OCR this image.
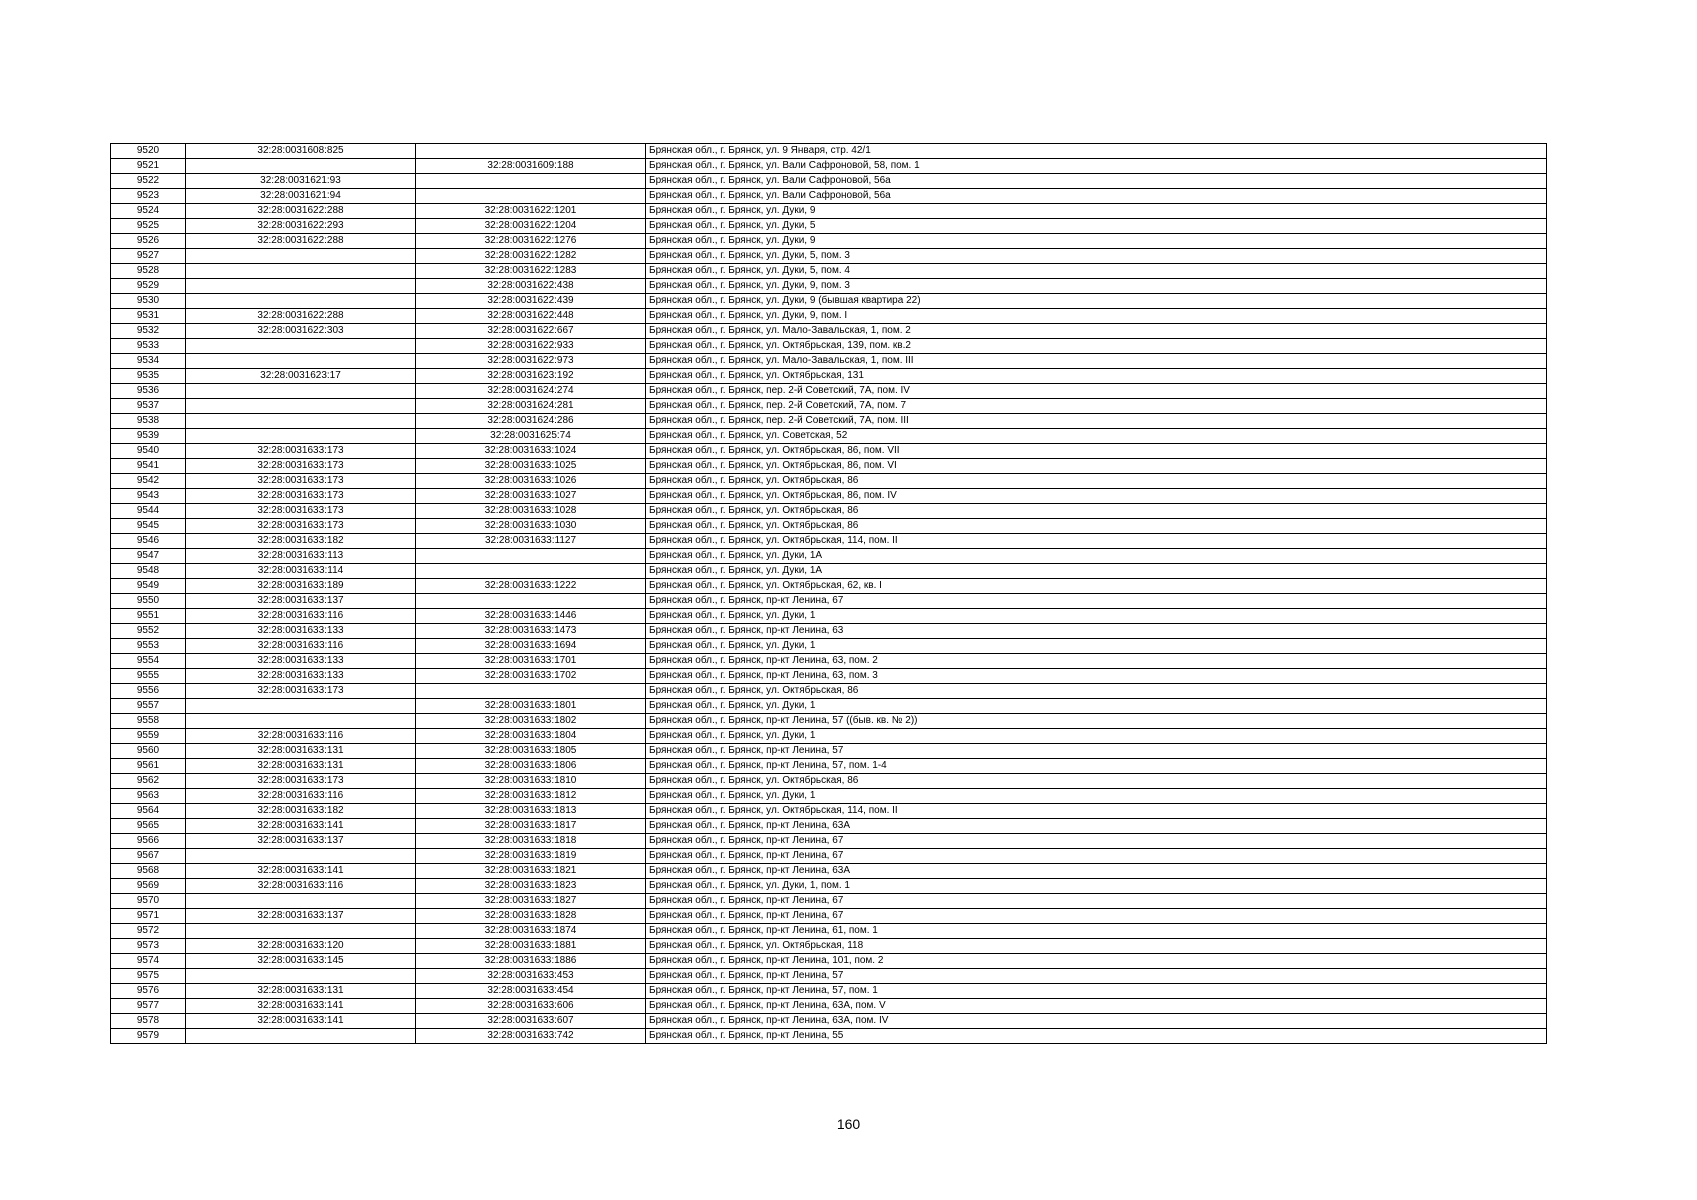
9520	32:28:0031608:825		Брянская обл., г. Брянск, ул. 9 Января, стр. 42/1
9521		32:28:0031609:188	Брянская обл., г. Брянск, ул. Вали Сафроновой, 58, пом. 1
9522	32:28:0031621:93		Брянская обл., г. Брянск, ул. Вали Сафроновой, 56а
9523	32:28:0031621:94		Брянская обл., г. Брянск, ул. Вали Сафроновой, 56а
9524	32:28:0031622:288	32:28:0031622:1201	Брянская обл., г. Брянск, ул. Дуки, 9
9525	32:28:0031622:293	32:28:0031622:1204	Брянская обл., г. Брянск, ул. Дуки, 5
9526	32:28:0031622:288	32:28:0031622:1276	Брянская обл., г. Брянск, ул. Дуки, 9
9527		32:28:0031622:1282	Брянская обл., г. Брянск, ул. Дуки, 5, пом. 3
9528		32:28:0031622:1283	Брянская обл., г. Брянск, ул. Дуки, 5, пом. 4
9529		32:28:0031622:438	Брянская обл., г. Брянск, ул. Дуки, 9, пом. 3
9530		32:28:0031622:439	Брянская обл., г. Брянск, ул. Дуки, 9 (бывшая квартира 22)
9531	32:28:0031622:288	32:28:0031622:448	Брянская обл., г. Брянск, ул. Дуки, 9, пом. I
9532	32:28:0031622:303	32:28:0031622:667	Брянская обл., г. Брянск, ул. Мало-Завальская, 1, пом. 2
9533		32:28:0031622:933	Брянская обл., г. Брянск, ул. Октябрьская, 139, пом. кв.2
9534		32:28:0031622:973	Брянская обл., г. Брянск, ул. Мало-Завальская, 1, пом. III
9535	32:28:0031623:17	32:28:0031623:192	Брянская обл., г. Брянск, ул. Октябрьская, 131
9536		32:28:0031624:274	Брянская обл., г. Брянск, пер. 2-й Советский, 7А, пом. IV
9537		32:28:0031624:281	Брянская обл., г. Брянск, пер. 2-й Советский, 7А, пом. 7
9538		32:28:0031624:286	Брянская обл., г. Брянск, пер. 2-й Советский, 7А, пом. III
9539		32:28:0031625:74	Брянская обл., г. Брянск, ул. Советская, 52
9540	32:28:0031633:173	32:28:0031633:1024	Брянская обл., г. Брянск, ул. Октябрьская, 86, пом. VII
9541	32:28:0031633:173	32:28:0031633:1025	Брянская обл., г. Брянск, ул. Октябрьская, 86, пом. VI
9542	32:28:0031633:173	32:28:0031633:1026	Брянская обл., г. Брянск, ул. Октябрьская, 86
9543	32:28:0031633:173	32:28:0031633:1027	Брянская обл., г. Брянск, ул. Октябрьская, 86, пом. IV
9544	32:28:0031633:173	32:28:0031633:1028	Брянская обл., г. Брянск, ул. Октябрьская, 86
9545	32:28:0031633:173	32:28:0031633:1030	Брянская обл., г. Брянск, ул. Октябрьская, 86
9546	32:28:0031633:182	32:28:0031633:1127	Брянская обл., г. Брянск, ул. Октябрьская, 114, пом. II
9547	32:28:0031633:113		Брянская обл., г. Брянск, ул. Дуки, 1А
9548	32:28:0031633:114		Брянская обл., г. Брянск, ул. Дуки, 1А
9549	32:28:0031633:189	32:28:0031633:1222	Брянская обл., г. Брянск, ул. Октябрьская, 62, кв. I
9550	32:28:0031633:137		Брянская обл., г. Брянск, пр-кт Ленина, 67
9551	32:28:0031633:116	32:28:0031633:1446	Брянская обл., г. Брянск, ул. Дуки, 1
9552	32:28:0031633:133	32:28:0031633:1473	Брянская обл., г. Брянск, пр-кт Ленина, 63
9553	32:28:0031633:116	32:28:0031633:1694	Брянская обл., г. Брянск, ул. Дуки, 1
9554	32:28:0031633:133	32:28:0031633:1701	Брянская обл., г. Брянск, пр-кт Ленина, 63, пом. 2
9555	32:28:0031633:133	32:28:0031633:1702	Брянская обл., г. Брянск, пр-кт Ленина, 63, пом. 3
9556	32:28:0031633:173		Брянская обл., г. Брянск, ул. Октябрьская, 86
9557		32:28:0031633:1801	Брянская обл., г. Брянск, ул. Дуки, 1
9558		32:28:0031633:1802	Брянская обл., г. Брянск, пр-кт Ленина, 57 ((быв. кв. № 2))
9559	32:28:0031633:116	32:28:0031633:1804	Брянская обл., г. Брянск, ул. Дуки, 1
9560	32:28:0031633:131	32:28:0031633:1805	Брянская обл., г. Брянск, пр-кт Ленина, 57
9561	32:28:0031633:131	32:28:0031633:1806	Брянская обл., г. Брянск, пр-кт Ленина, 57, пом. 1-4
9562	32:28:0031633:173	32:28:0031633:1810	Брянская обл., г. Брянск, ул. Октябрьская, 86
9563	32:28:0031633:116	32:28:0031633:1812	Брянская обл., г. Брянск, ул. Дуки, 1
9564	32:28:0031633:182	32:28:0031633:1813	Брянская обл., г. Брянск, ул. Октябрьская, 114, пом. II
9565	32:28:0031633:141	32:28:0031633:1817	Брянская обл., г. Брянск, пр-кт Ленина, 63А
9566	32:28:0031633:137	32:28:0031633:1818	Брянская обл., г. Брянск, пр-кт Ленина, 67
9567		32:28:0031633:1819	Брянская обл., г. Брянск, пр-кт Ленина, 67
9568	32:28:0031633:141	32:28:0031633:1821	Брянская обл., г. Брянск, пр-кт Ленина, 63А
9569	32:28:0031633:116	32:28:0031633:1823	Брянская обл., г. Брянск, ул. Дуки, 1, пом. 1
9570		32:28:0031633:1827	Брянская обл., г. Брянск, пр-кт Ленина, 67
9571	32:28:0031633:137	32:28:0031633:1828	Брянская обл., г. Брянск, пр-кт Ленина, 67
9572		32:28:0031633:1874	Брянская обл., г. Брянск, пр-кт Ленина, 61, пом. 1
9573	32:28:0031633:120	32:28:0031633:1881	Брянская обл., г. Брянск, ул. Октябрьская, 118
9574	32:28:0031633:145	32:28:0031633:1886	Брянская обл., г. Брянск, пр-кт Ленина, 101, пом. 2
9575		32:28:0031633:453	Брянская обл., г. Брянск, пр-кт Ленина, 57
9576	32:28:0031633:131	32:28:0031633:454	Брянская обл., г. Брянск, пр-кт Ленина, 57, пом. 1
9577	32:28:0031633:141	32:28:0031633:606	Брянская обл., г. Брянск, пр-кт Ленина, 63А, пом. V
9578	32:28:0031633:141	32:28:0031633:607	Брянская обл., г. Брянск, пр-кт Ленина, 63А, пом. IV
9579		32:28:0031633:742	Брянская обл., г. Брянск, пр-кт Ленина, 55
160
